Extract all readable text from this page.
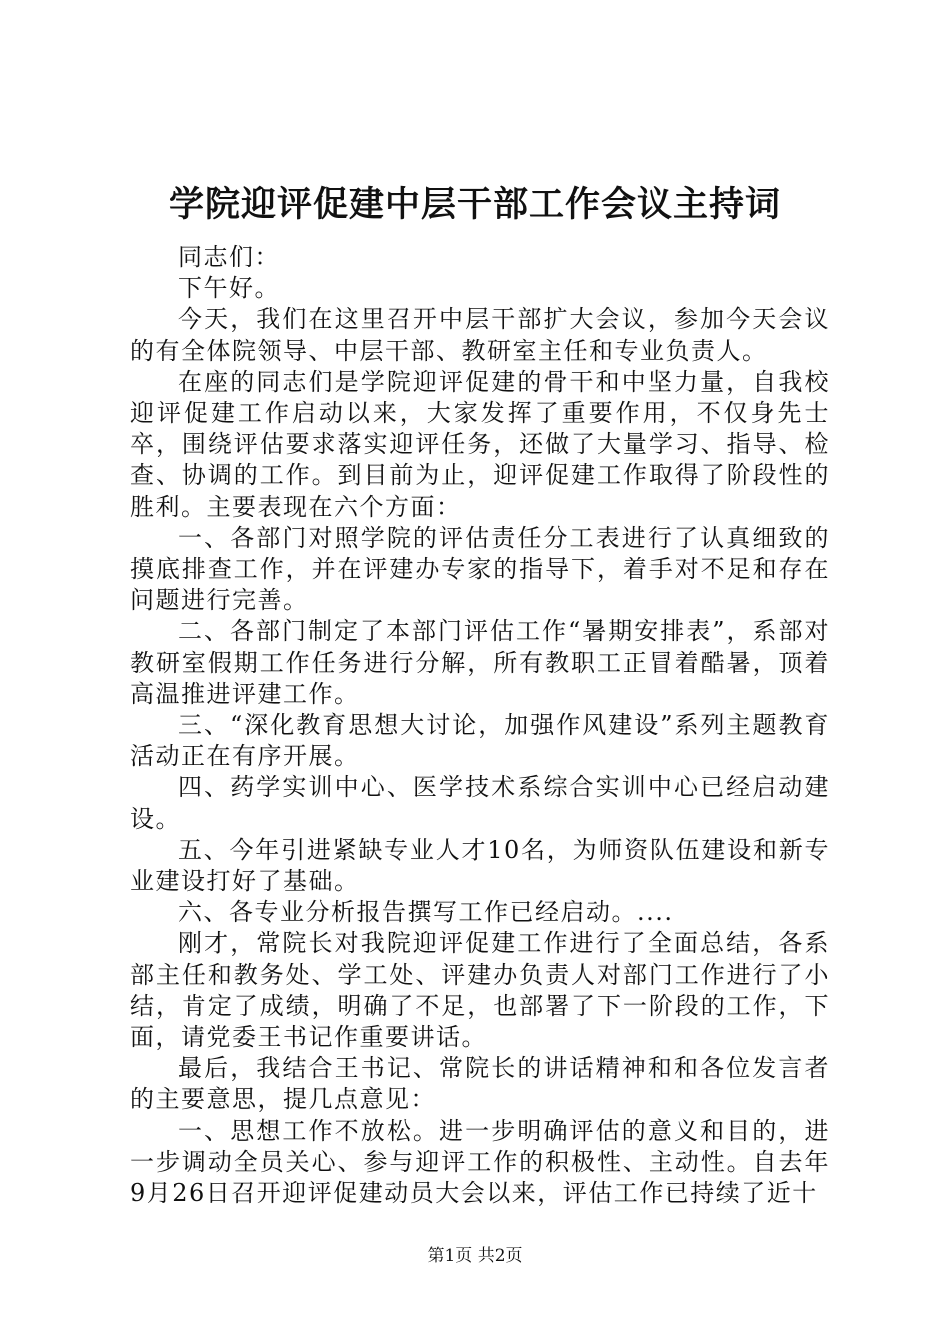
学院迎评促建中层干部工作会议主持词

同志们：

下午好。

今天，我们在这里召开中层干部扩大会议，参加今天会议的有全体院领导、中层干部、教研室主任和专业负责人。

在座的同志们是学院迎评促建的骨干和中坚力量，自我校迎评促建工作启动以来，大家发挥了重要作用，不仅身先士卒，围绕评估要求落实迎评任务，还做了大量学习、指导、检查、协调的工作。到目前为止，迎评促建工作取得了阶段性的胜利。主要表现在六个方面：

一、各部门对照学院的评估责任分工表进行了认真细致的摸底排查工作，并在评建办专家的指导下，着手对不足和存在问题进行完善。

二、各部门制定了本部门评估工作“暑期安排表”，系部对教研室假期工作任务进行分解，所有教职工正冒着酷暑，顶着高温推进评建工作。

三、“深化教育思想大讨论，加强作风建设”系列主题教育活动正在有序开展。

四、药学实训中心、医学技术系综合实训中心已经启动建设。

五、今年引进紧缺专业人才10名，为师资队伍建设和新专业建设打好了基础。

六、各专业分析报告撰写工作已经启动。....

刚才，常院长对我院迎评促建工作进行了全面总结，各系部主任和教务处、学工处、评建办负责人对部门工作进行了小结，肯定了成绩，明确了不足，也部署了下一阶段的工作，下面，请党委王书记作重要讲话。

最后，我结合王书记、常院长的讲话精神和和各位发言者的主要意思，提几点意见：

一、思想工作不放松。进一步明确评估的意义和目的，进一步调动全员关心、参与迎评工作的积极性、主动性。自去年9月26日召开迎评促建动员大会以来，评估工作已持续了近十

第1页 共2页
